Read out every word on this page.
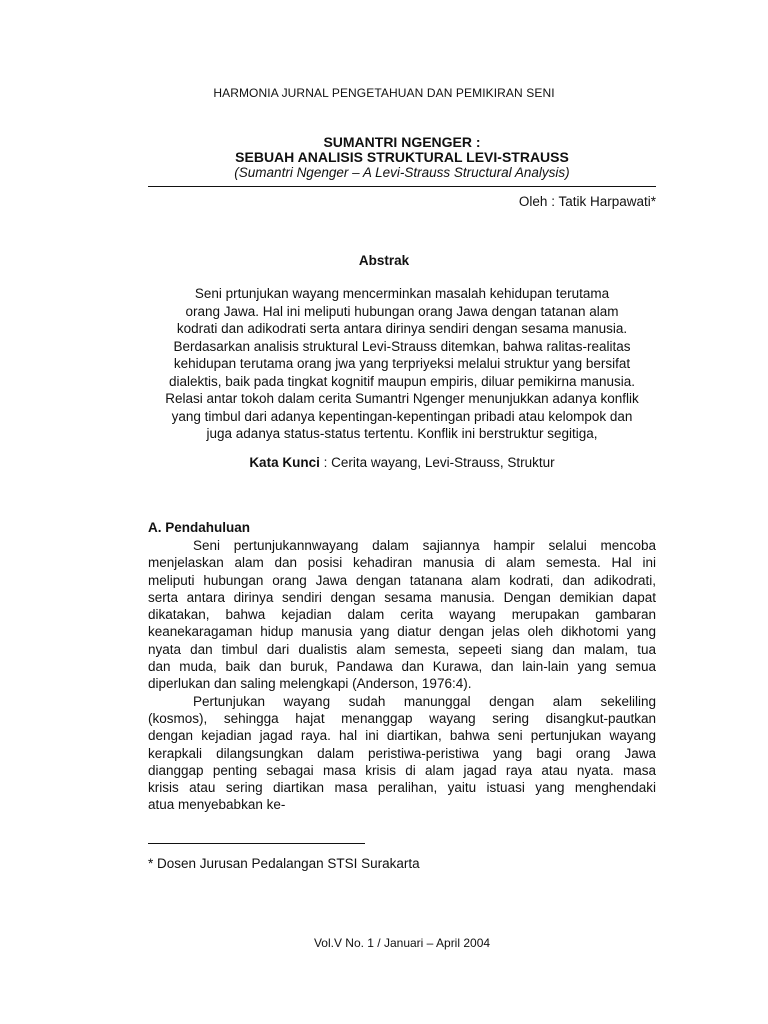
HARMONIA JURNAL PENGETAHUAN DAN PEMIKIRAN SENI

SUMANTRI NGENGER :

SEBUAH ANALISIS STRUKTURAL LEVI-STRAUSS

(Sumantri Ngenger – A Levi-Strauss Structural Analysis)

Oleh : Tatik Harpawati*
Abstrak
Seni prtunjukan wayang mencerminkan masalah kehidupan terutama
orang Jawa. Hal ini meliputi hubungan orang Jawa dengan tatanan alam
kodrati dan adikodrati serta antara dirinya sendiri dengan sesama manusia.
Berdasarkan analisis struktural Levi-Strauss ditemkan, bahwa ralitas-realitas
kehidupan terutama orang jwa yang terpriyeksi melalui struktur yang bersifat
dialektis, baik pada tingkat kognitif maupun empiris, diluar pemikirna manusia.
Relasi antar tokoh dalam cerita Sumantri Ngenger menunjukkan adanya konflik
yang timbul dari adanya kepentingan-kepentingan pribadi atau kelompok dan
juga adanya status-status tertentu. Konflik ini berstruktur segitiga,
Kata Kunci : Cerita wayang, Levi-Strauss, Struktur
A. Pendahuluan
Seni pertunjukannwayang dalam sajiannya hampir selalui mencoba
menjelaskan alam dan posisi kehadiran manusia di alam semesta. Hal ini
meliputi hubungan orang Jawa dengan tatanana alam kodrati, dan adikodrati,
serta antara dirinya sendiri dengan sesama manusia. Dengan demikian dapat
dikatakan, bahwa kejadian dalam cerita wayang merupakan gambaran
keanekaragaman hidup manusia yang diatur dengan jelas oleh dikhotomi yang
nyata dan timbul dari dualistis alam semesta, sepeeti siang dan malam, tua
dan muda, baik dan buruk, Pandawa dan Kurawa, dan lain-lain yang semua
diperlukan dan saling melengkapi (Anderson, 1976:4).
Pertunjukan wayang sudah manunggal dengan alam sekeliling
(kosmos), sehingga hajat menanggap wayang sering disangkut-pautkan
dengan kejadian jagad raya. hal ini diartikan, bahwa seni pertunjukan wayang
kerapkali dilangsungkan dalam peristiwa-peristiwa yang bagi orang Jawa
dianggap penting sebagai masa krisis di alam jagad raya atau nyata. masa
krisis atau sering diartikan masa peralihan, yaitu istuasi yang menghendaki
atua menyebabkan ke-
* Dosen Jurusan Pedalangan STSI Surakarta
Vol.V No. 1 / Januari – April 2004
